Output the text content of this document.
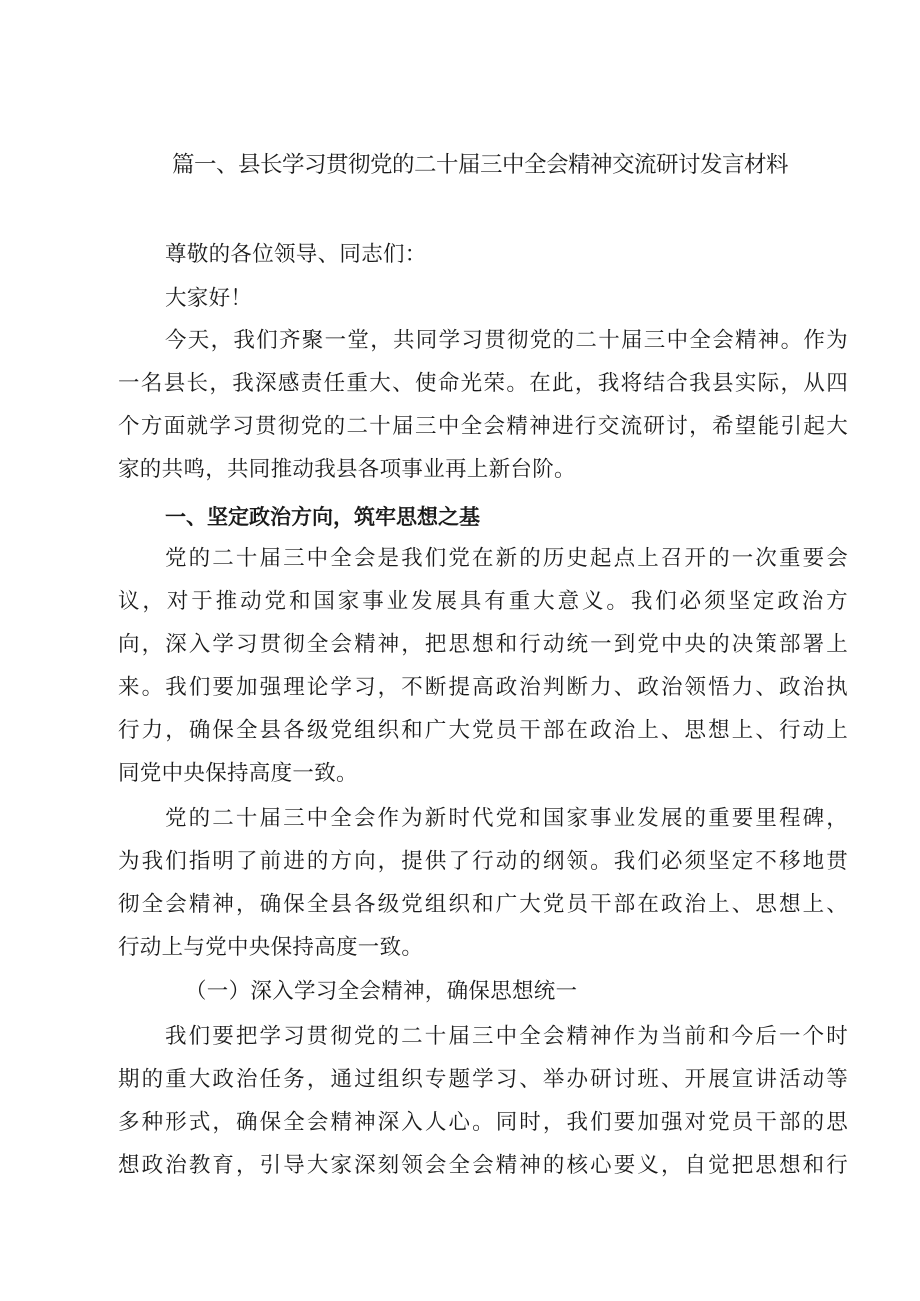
篇一、县长学习贯彻党的二十届三中全会精神交流研讨发言材料

尊敬的各位领导、同志们：

大家好！

今天，我们齐聚一堂，共同学习贯彻党的二十届三中全会精神。作为

一名县长，我深感责任重大、使命光荣。在此，我将结合我县实际，从四

个方面就学习贯彻党的二十届三中全会精神进行交流研讨，希望能引起大

家的共鸣，共同推动我县各项事业再上新台阶。

一、坚定政治方向，筑牢思想之基

党的二十届三中全会是我们党在新的历史起点上召开的一次重要会

议，对于推动党和国家事业发展具有重大意义。我们必须坚定政治方

向，深入学习贯彻全会精神，把思想和行动统一到党中央的决策部署上

来。我们要加强理论学习，不断提高政治判断力、政治领悟力、政治执

行力，确保全县各级党组织和广大党员干部在政治上、思想上、行动上

同党中央保持高度一致。

党的二十届三中全会作为新时代党和国家事业发展的重要里程碑，

为我们指明了前进的方向，提供了行动的纲领。我们必须坚定不移地贯

彻全会精神，确保全县各级党组织和广大党员干部在政治上、思想上、

行动上与党中央保持高度一致。

（一）深入学习全会精神，确保思想统一

我们要把学习贯彻党的二十届三中全会精神作为当前和今后一个时

期的重大政治任务，通过组织专题学习、举办研讨班、开展宣讲活动等

多种形式，确保全会精神深入人心。同时，我们要加强对党员干部的思

想政治教育，引导大家深刻领会全会精神的核心要义，自觉把思想和行
